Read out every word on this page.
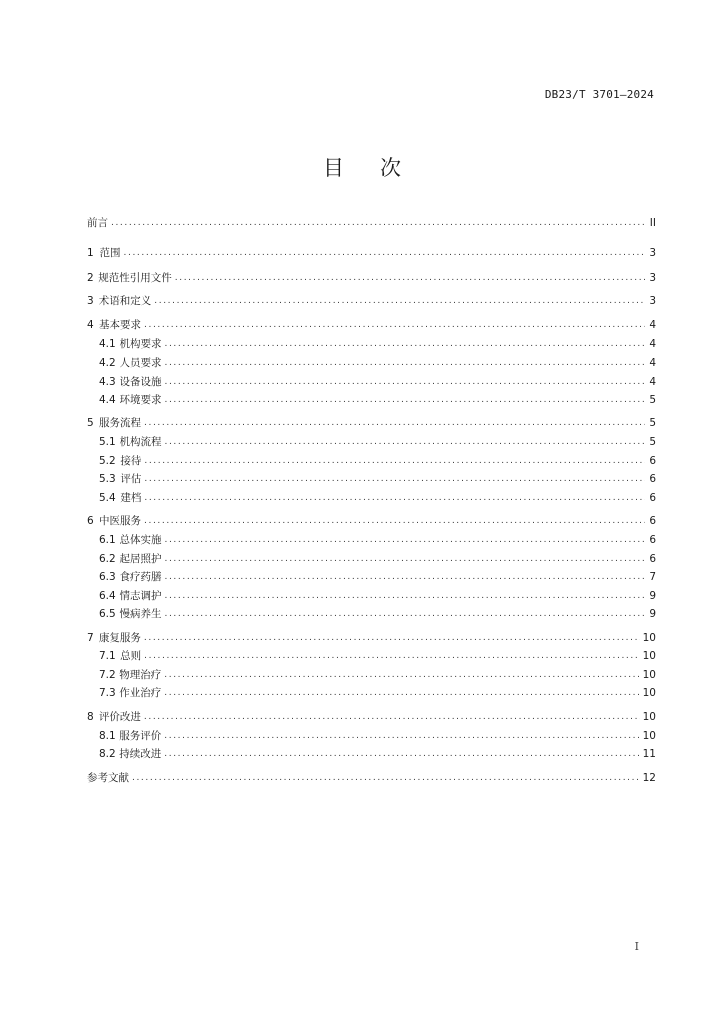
DB23/T 3701—2024
目 次
前言 .....	II
1 范围 .....	3
2 规范性引用文件 .....	3
3 术语和定义 .....	3
4 基本要求 .....	4
4.1 机构要求 .....	4
4.2 人员要求 .....	4
4.3 设备设施 .....	4
4.4 环境要求 .....	5
5 服务流程 .....	5
5.1 机构流程 .....	5
5.2 接待 .....	6
5.3 评估 .....	6
5.4 建档 .....	6
6 中医服务 .....	6
6.1 总体实施 .....	6
6.2 起居照护 .....	6
6.3 食疗药膳 .....	7
6.4 情志调护 .....	9
6.5 慢病养生 .....	9
7 康复服务 .....	10
7.1 总则 .....	10
7.2 物理治疗 .....	10
7.3 作业治疗 .....	10
8 评价改进 .....	10
8.1 服务评价 .....	10
8.2 持续改进 .....	11
参考文献 .....	12
I
